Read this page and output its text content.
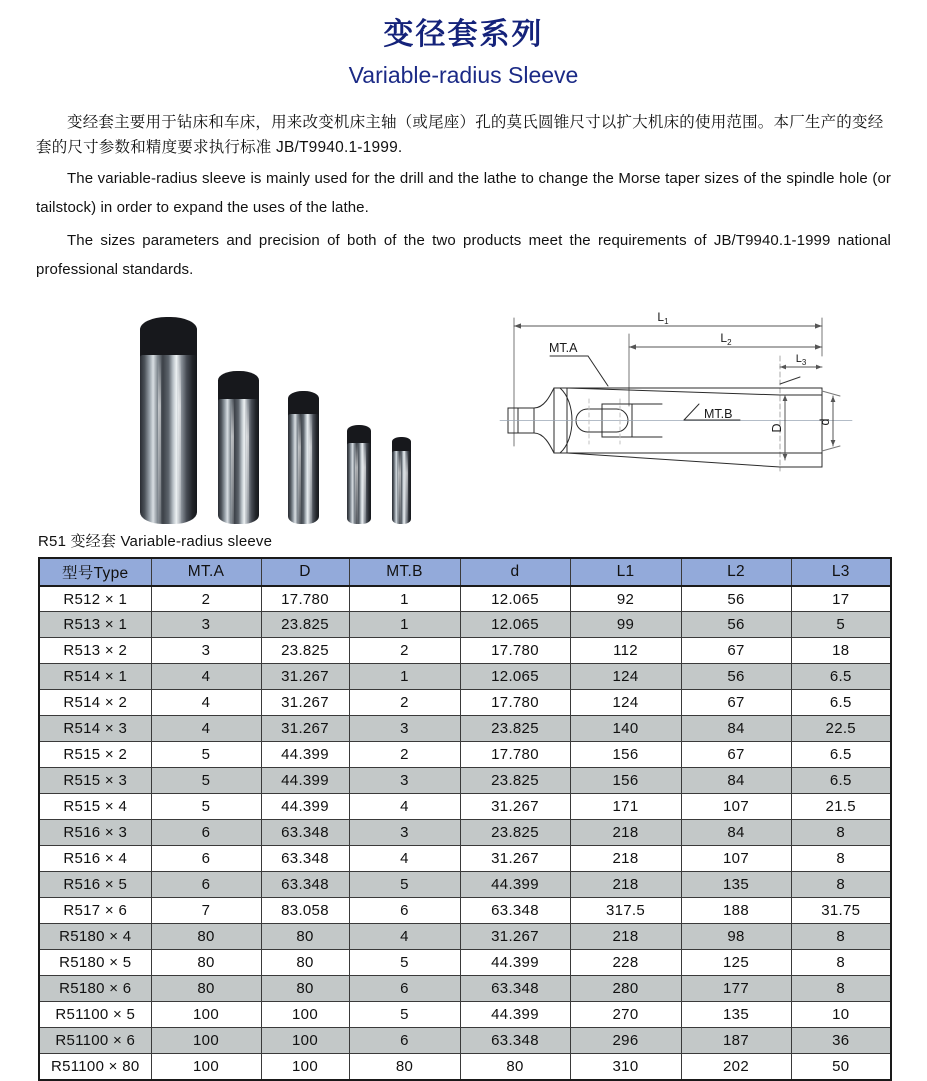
变径套系列
Variable-radius Sleeve

变经套主要用于钻床和车床，用来改变机床主轴（或尾座）孔的莫氏圆锥尺寸以扩大机床的使用范围。本厂生产的变经套的尺寸参数和精度要求执行标准 JB/T9940.1-1999.

The variable-radius sleeve is mainly used for the drill and the lathe to change the Morse taper sizes of the spindle hole (or tailstock) in order to expand the uses of the lathe.

The sizes parameters and precision of both of the two products meet the requirements of JB/T9940.1-1999 national professional standards.

$L_1$
$L_2$
$L_3$
MT.A
MT.B
D
d
R51 变经套 Variable-radius sleeve
型号Type	MT.A	D	MT.B	d	L1	L2	L3
R512 × 1	2	17.780	1	12.065	92	56	17
R513 × 1	3	23.825	1	12.065	99	56	5
R513 × 2	3	23.825	2	17.780	112	67	18
R514 × 1	4	31.267	1	12.065	124	56	6.5
R514 × 2	4	31.267	2	17.780	124	67	6.5
R514 × 3	4	31.267	3	23.825	140	84	22.5
R515 × 2	5	44.399	2	17.780	156	67	6.5
R515 × 3	5	44.399	3	23.825	156	84	6.5
R515 × 4	5	44.399	4	31.267	171	107	21.5
R516 × 3	6	63.348	3	23.825	218	84	8
R516 × 4	6	63.348	4	31.267	218	107	8
R516 × 5	6	63.348	5	44.399	218	135	8
R517 × 6	7	83.058	6	63.348	317.5	188	31.75
R5180 × 4	80	80	4	31.267	218	98	8
R5180 × 5	80	80	5	44.399	228	125	8
R5180 × 6	80	80	6	63.348	280	177	8
R51100 × 5	100	100	5	44.399	270	135	10
R51100 × 6	100	100	6	63.348	296	187	36
R51100 × 80	100	100	80	80	310	202	50
